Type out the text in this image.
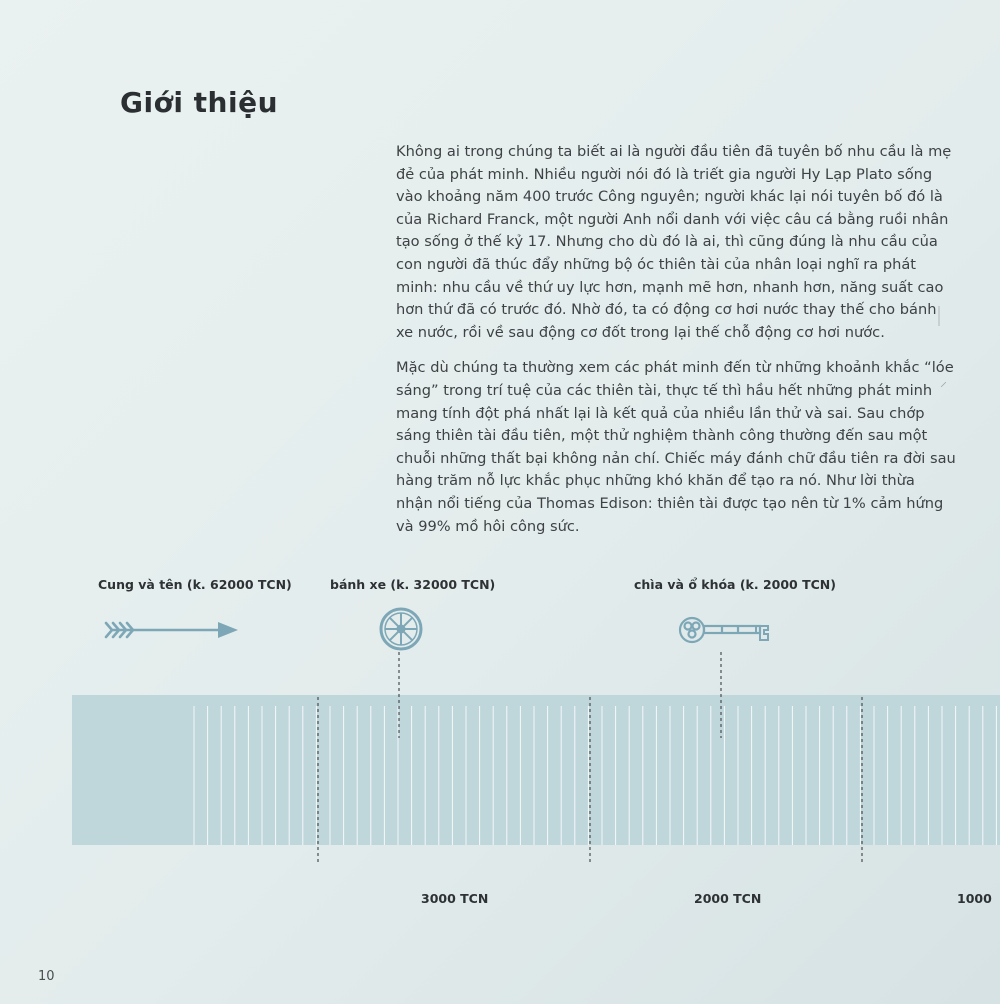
Giới thiệu

Không ai trong chúng ta biết ai là người đầu tiên đã tuyên bố nhu cầu là mẹ đẻ của phát minh. Nhiều người nói đó là triết gia người Hy Lạp Plato sống vào khoảng năm 400 trước Công nguyên; người khác lại nói tuyên bố đó là của Richard Franck, một người Anh nổi danh với việc câu cá bằng ruồi nhân tạo sống ở thế kỷ 17. Nhưng cho dù đó là ai, thì cũng đúng là nhu cầu của con người đã thúc đẩy những bộ óc thiên tài của nhân loại nghĩ ra phát minh: nhu cầu về thứ uy lực hơn, mạnh mẽ hơn, nhanh hơn, năng suất cao hơn thứ đã có trước đó. Nhờ đó, ta có động cơ hơi nước thay thế cho bánh xe nước, rồi về sau động cơ đốt trong lại thế chỗ động cơ hơi nước.

Mặc dù chúng ta thường xem các phát minh đến từ những khoảnh khắc “lóe sáng” trong trí tuệ của các thiên tài, thực tế thì hầu hết những phát minh mang tính đột phá nhất lại là kết quả của nhiều lần thử và sai. Sau chớp sáng thiên tài đầu tiên, một thử nghiệm thành công thường đến sau một chuỗi những thất bại không nản chí. Chiếc máy đánh chữ đầu tiên ra đời sau hàng trăm nỗ lực khắc phục những khó khăn để tạo ra nó. Như lời thừa nhận nổi tiếng của Thomas Edison: thiên tài được tạo nên từ 1% cảm hứng và 99% mồ hôi công sức.

⸝
Cung và tên (k. 62000 TCN)	bánh xe (k. 32000 TCN)	chìa và ổ khóa (k. 2000 TCN)
3000 TCN	2000 TCN	1000
10
